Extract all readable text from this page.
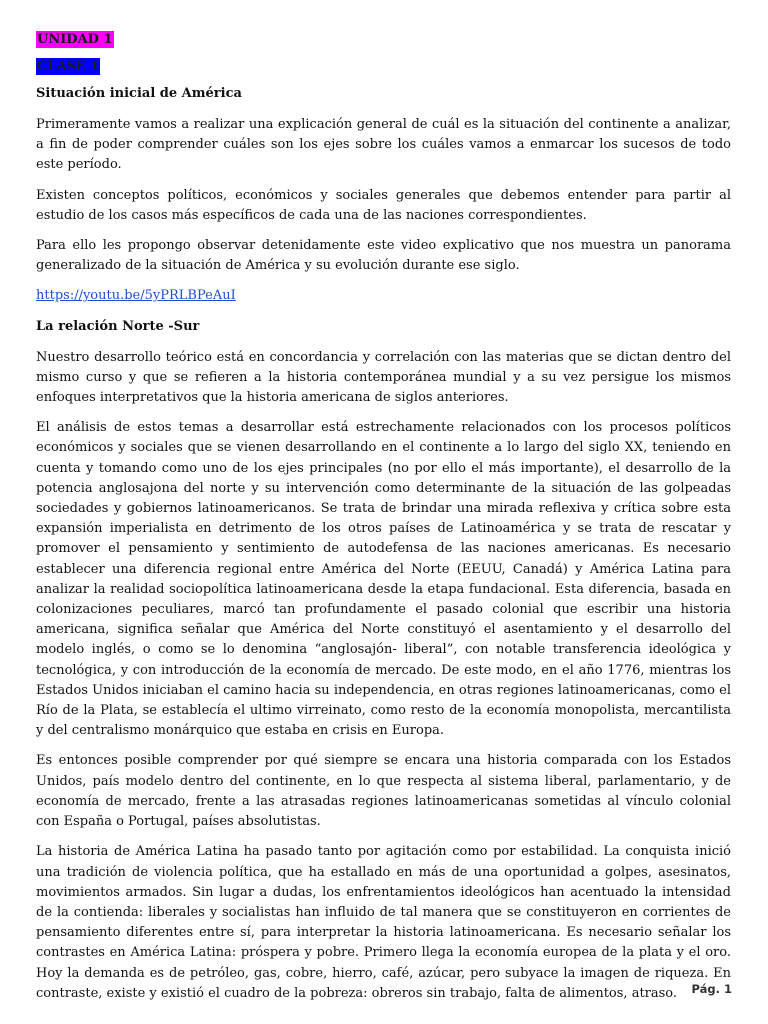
UNIDAD 1
CLASE 1
Situación inicial de América

Primeramente vamos a realizar una explicación general de cuál es la situación del continente a analizar, a fin de poder comprender cuáles son los ejes sobre los cuáles vamos a enmarcar los sucesos de todo este período.

Existen conceptos políticos, económicos y sociales generales que debemos entender para partir al estudio de los casos más específicos de cada una de las naciones correspondientes.

Para ello les propongo observar detenidamente este video explicativo que nos muestra un panorama generalizado de la situación de América y su evolución durante ese siglo.

https://youtu.be/5yPRLBPeAuI

La relación Norte -Sur

Nuestro desarrollo teórico está en concordancia y correlación con las materias que se dictan dentro del mismo curso y que se refieren a la historia contemporánea mundial y a su vez persigue los mismos enfoques interpretativos que la historia americana de siglos anteriores.

El análisis de estos temas a desarrollar está estrechamente relacionados con los procesos políticos económicos y sociales que se vienen desarrollando en el continente a lo largo del siglo XX, teniendo en cuenta y tomando como uno de los ejes principales (no por ello el más importante), el desarrollo de la potencia anglosajona del norte y su intervención como determinante de la situación de las golpeadas sociedades y gobiernos latinoamericanos. Se trata de brindar una mirada reflexiva y crítica sobre esta expansión imperialista en detrimento de los otros países de Latinoamérica y se trata de rescatar y promover el pensamiento y sentimiento de autodefensa de las naciones americanas. Es necesario establecer una diferencia regional entre América del Norte (EEUU, Canadá) y América Latina para analizar la realidad sociopolítica latinoamericana desde la etapa fundacional. Esta diferencia, basada en colonizaciones peculiares, marcó tan profundamente el pasado colonial que escribir una historia americana, significa señalar que América del Norte constituyó el asentamiento y el desarrollo del modelo inglés, o como se lo denomina “anglosajón- liberal”, con notable transferencia ideológica y tecnológica, y con introducción de la economía de mercado. De este modo, en el año 1776, mientras los Estados Unidos iniciaban el camino hacia su independencia, en otras regiones latinoamericanas, como el Río de la Plata, se establecía el ultimo virreinato, como resto de la economía monopolista, mercantilista y del centralismo monárquico que estaba en crisis en Europa.

Es entonces posible comprender por qué siempre se encara una historia comparada con los Estados Unidos, país modelo dentro del continente, en lo que respecta al sistema liberal, parlamentario, y de economía de mercado, frente a las atrasadas regiones latinoamericanas sometidas al vínculo colonial con España o Portugal, países absolutistas.

La historia de América Latina ha pasado tanto por agitación como por estabilidad. La conquista inició una tradición de violencia política, que ha estallado en más de una oportunidad a golpes, asesinatos, movimientos armados. Sin lugar a dudas, los enfrentamientos ideológicos han acentuado la intensidad de la contienda: liberales y socialistas han influido de tal manera que se constituyeron en corrientes de pensamiento diferentes entre sí, para interpretar la historia latinoamericana. Es necesario señalar los contrastes en América Latina: próspera y pobre. Primero llega la economía europea de la plata y el oro. Hoy la demanda es de petróleo, gas, cobre, hierro, café, azúcar, pero subyace la imagen de riqueza. En contraste, existe y existió el cuadro de la pobreza: obreros sin trabajo, falta de alimentos, atraso.	Pág. 1
